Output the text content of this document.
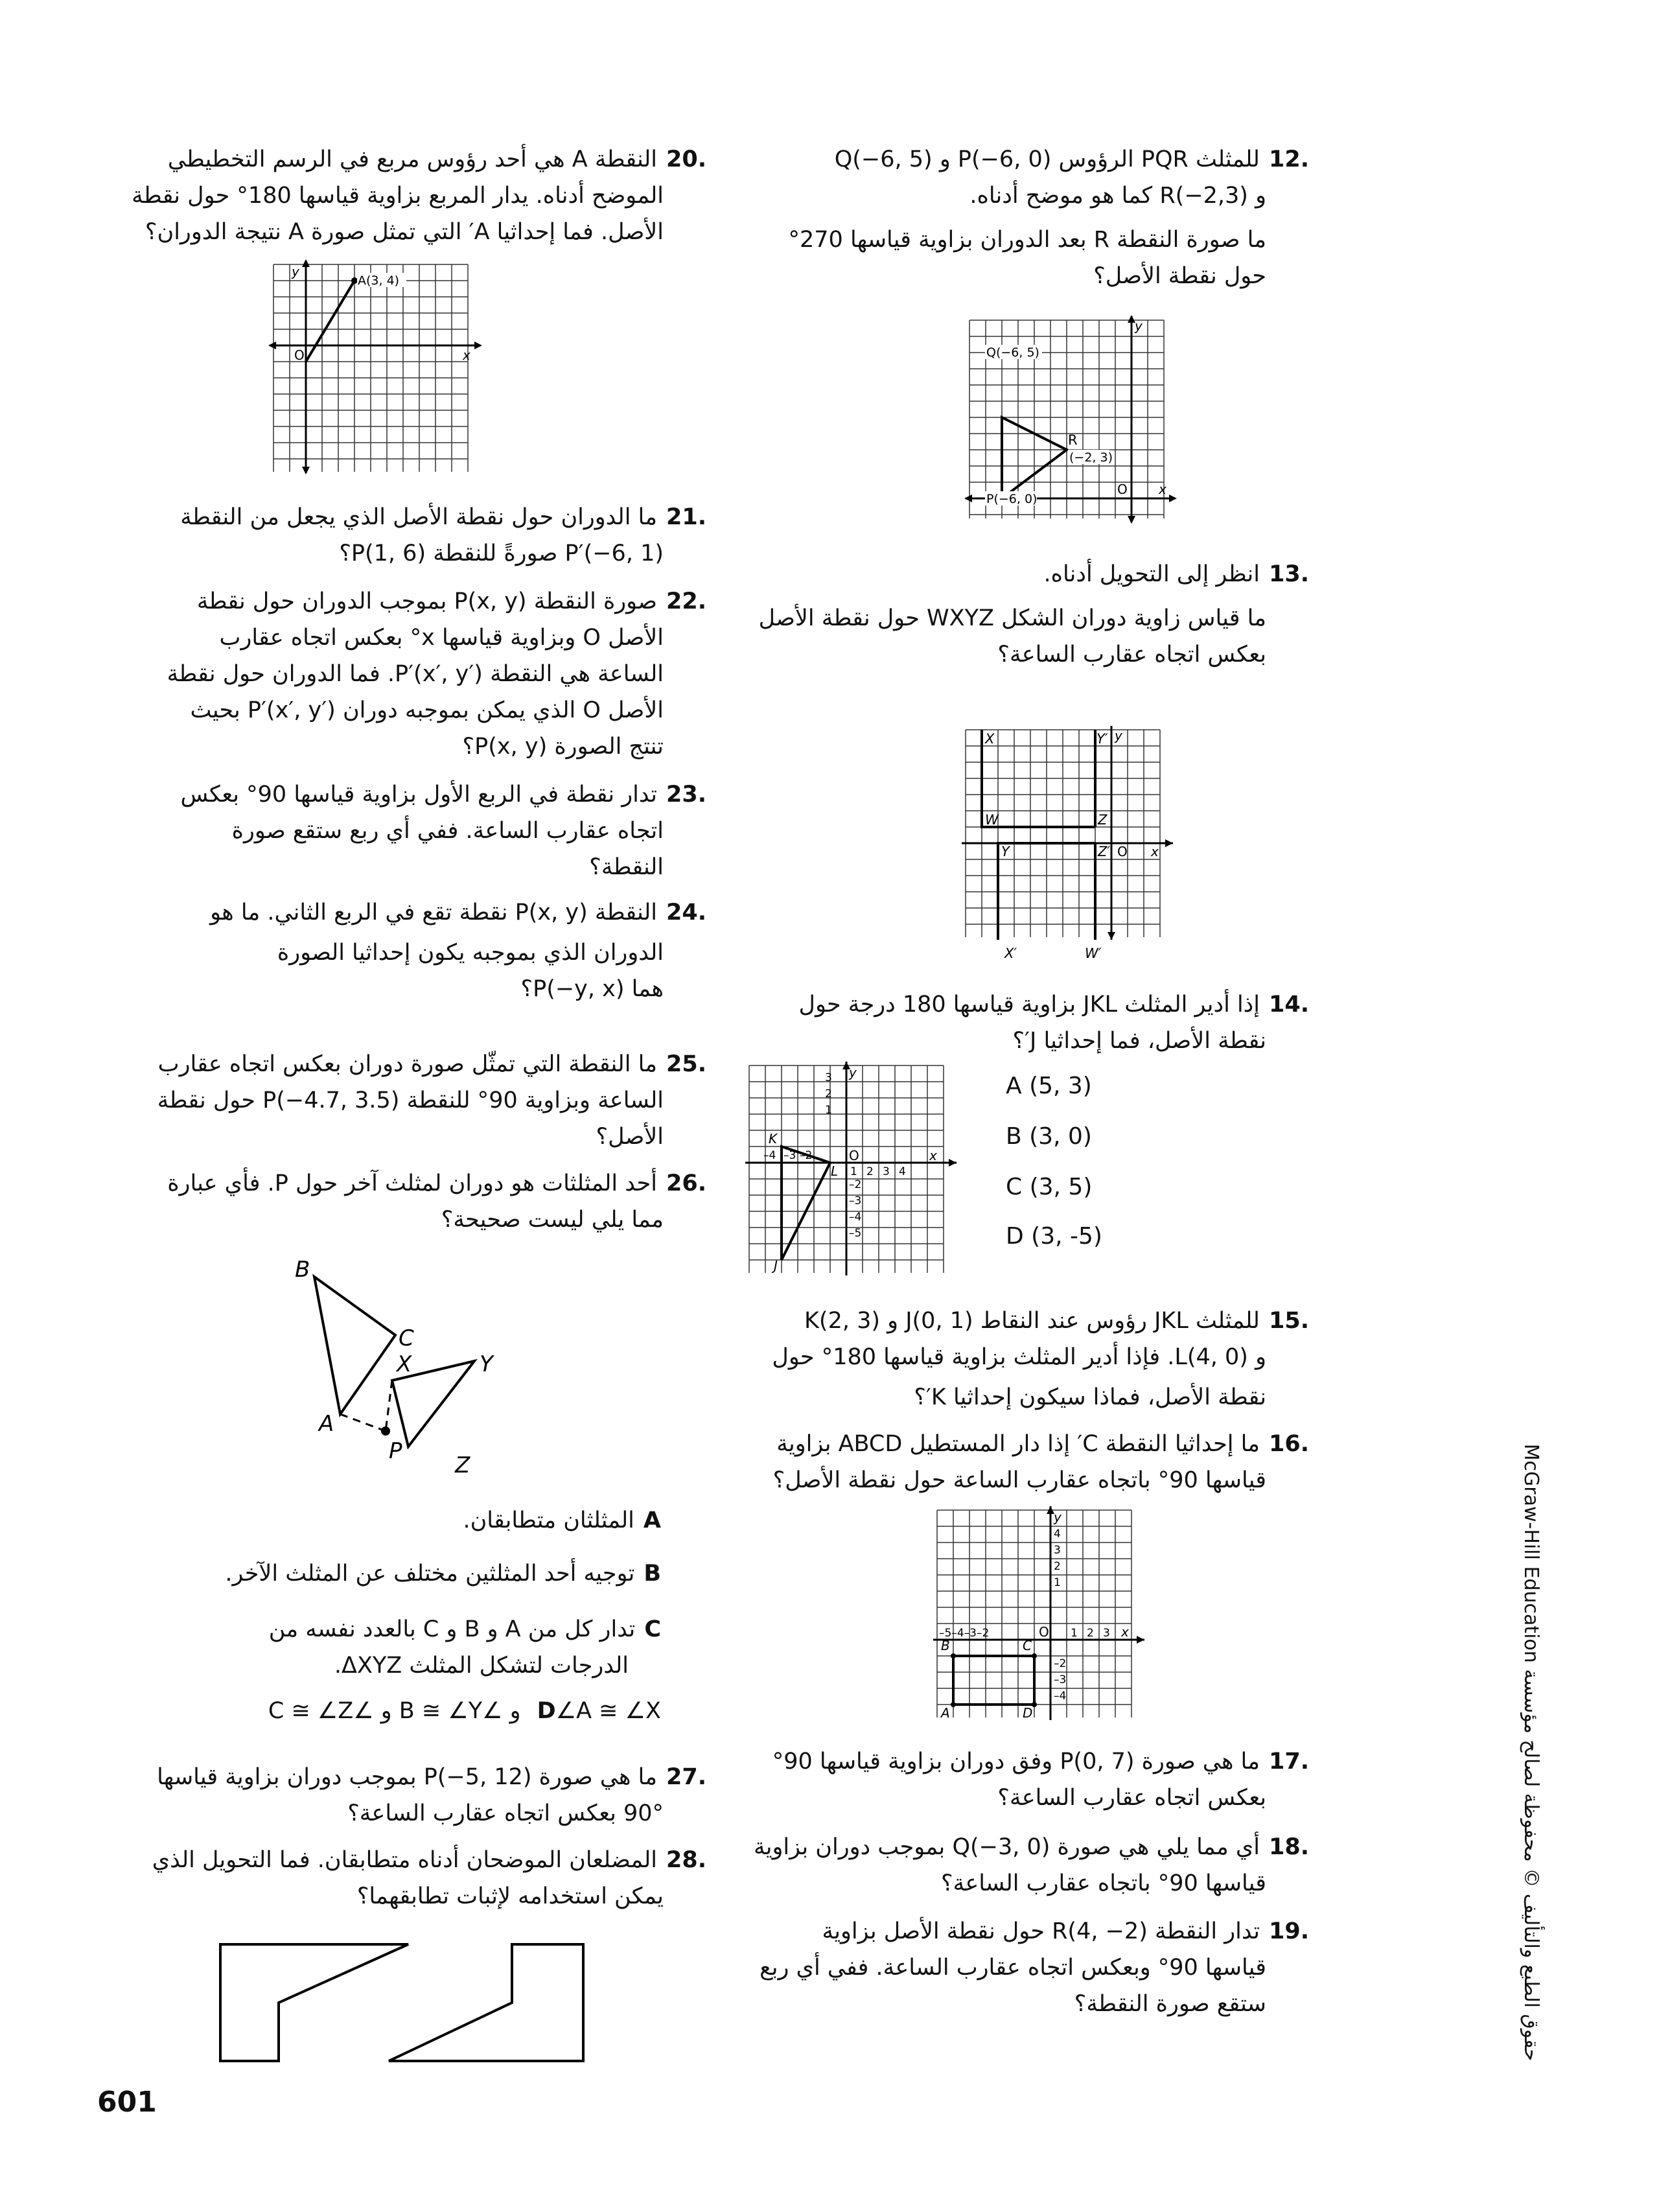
.12للمثلث PQR الرؤوس P(−6, 0) و Q(−6, 5)

و R(−2,3) كما هو موضح أدناه.

ما صورة النقطة R بعد الدوران بزاوية قياسها 270°

حول نقطة الأصل؟

Q(−6, 5)
R
(−2, 3)
P(−6, 0)
O x
y

.13انظر إلى التحويل أدناه.

ما قياس زاوية دوران الشكل WXYZ حول نقطة الأصل

بعكس اتجاه عقارب الساعة؟

X	Y′ y
W	Z
Y	Z′ O x
X′	W′

.14إذا أدير المثلث JKL بزاوية قياسها 180 درجة حول

نقطة الأصل، فما إحداثيا J′؟

3
2
1
1 2 3 4
–2
–3
–4
–2
–3
–4
–5
K
L
J
O
y
x
A (5, 3)
B (3, 0)
C (3, 5)
D (3, -5)

.15للمثلث JKL رؤوس عند النقاط J(0, 1) و K(2, 3)

و L(4, 0). فإذا أدير المثلث بزاوية قياسها 180° حول

نقطة الأصل، فماذا سيكون إحداثيا K′؟

.16ما إحداثيا النقطة C′ إذا دار المستطيل ABCD بزاوية

قياسها 90° باتجاه عقارب الساعة حول نقطة الأصل؟

4
3
2
1
–5–4–3–2	1 2 3
–2
–3
–4
B	C
A	D
O
y
x

.17ما هي صورة P(0, 7) وفق دوران بزاوية قياسها 90°

بعكس اتجاه عقارب الساعة؟

.18أي مما يلي هي صورة Q(−3, 0) بموجب دوران بزاوية

قياسها 90° باتجاه عقارب الساعة؟

.19تدار النقطة R(4, −2) حول نقطة الأصل بزاوية

قياسها 90° وبعكس اتجاه عقارب الساعة. ففي أي ربع

ستقع صورة النقطة؟

.20النقطة A هي أحد رؤوس مربع في الرسم التخطيطي

الموضح أدناه. يدار المربع بزاوية قياسها 180° حول نقطة

الأصل. فما إحداثيا A′ التي تمثل صورة A نتيجة الدوران؟

A(3, 4)
O	x
y

.21ما الدوران حول نقطة الأصل الذي يجعل من النقطة

P′(−6, 1) صورةً للنقطة P(1, 6)؟

.22صورة النقطة P(x, y) بموجب الدوران حول نقطة

الأصل O وبزاوية قياسها x° بعكس اتجاه عقارب

الساعة هي النقطة P′(x′, y′). فما الدوران حول نقطة

الأصل O الذي يمكن بموجبه دوران P′(x′, y′) بحيث

تنتج الصورة P(x, y)؟

.23تدار نقطة في الربع الأول بزاوية قياسها 90° بعكس

اتجاه عقارب الساعة. ففي أي ربع ستقع صورة

النقطة؟

.24النقطة P(x, y) نقطة تقع في الربع الثاني. ما هو

الدوران الذي بموجبه يكون إحداثيا الصورة

هما P(−y, x)؟

.25ما النقطة التي تمثّل صورة دوران بعكس اتجاه عقارب

الساعة وبزاوية 90° للنقطة P(−4.7, 3.5) حول نقطة

الأصل؟

.26أحد المثلثات هو دوران لمثلث آخر حول P. فأي عبارة

مما يلي ليست صحيحة؟

B
C
X	Y
A
P
Z
Aالمثلثان متطابقان.
Bتوجيه أحد المثلثين مختلف عن المثلث الآخر.
Cتدار كل من A و B و C بالعدد نفسه من
الدرجات لتشكل المثلث ΔXYZ.
D∠A ≅ ∠X و ∠B ≅ ∠Y و ∠C ≅ ∠Z

.27ما هي صورة P(−5, 12) بموجب دوران بزاوية قياسها

90° بعكس اتجاه عقارب الساعة؟

.28المضلعان الموضحان أدناه متطابقان. فما التحويل الذي

يمكن استخدامه لإثبات تطابقهما؟

حقوق الطبع والتأليف © محفوظة لصالح مؤسسة McGraw-Hill Education
601
